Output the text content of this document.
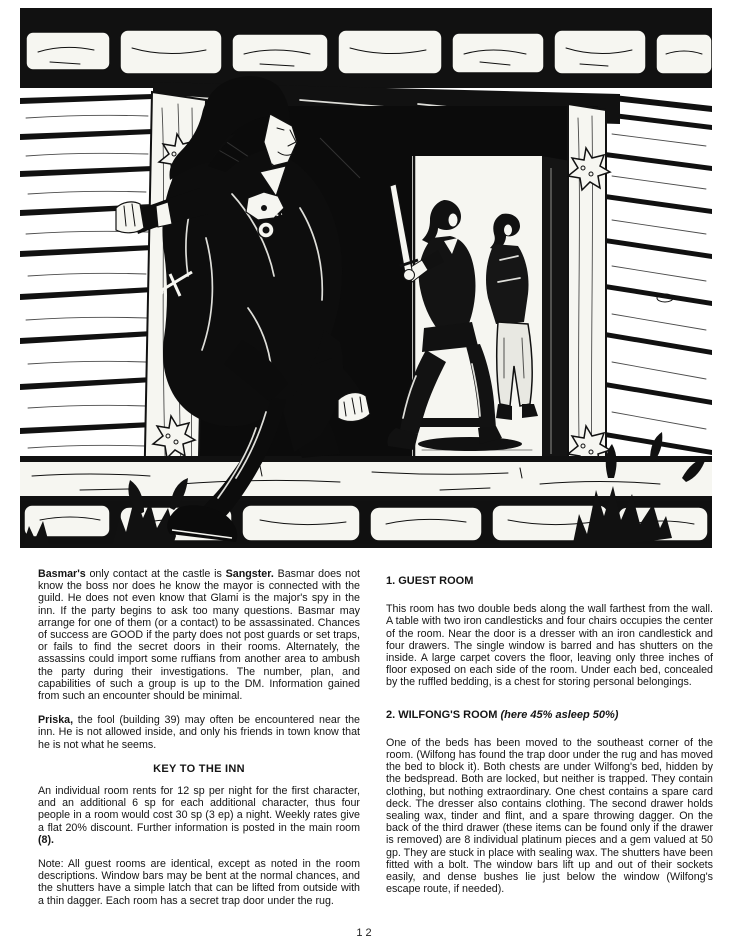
Basmar's only contact at the castle is Sangster. Basmar does not know the boss nor does he know the mayor is connected with the guild. He does not even know that Glami is the major's spy in the inn. If the party begins to ask too many questions. Basmar may arrange for one of them (or a contact) to be assassinated. Chances of success are GOOD if the party does not post guards or set traps, or fails to find the secret doors in their rooms. Alternately, the assassins could import some ruffians from another area to ambush the party during their investigations. The number, plan, and capabilities of such a group is up to the DM. Information gained from such an encounter should be minimal.

Priska, the fool (building 39) may often be encountered near the inn. He is not allowed inside, and only his friends in town know that he is not what he seems.

KEY TO THE INN

An individual room rents for 12 sp per night for the first character, and an additional 6 sp for each additional character, thus four people in a room would cost 30 sp (3 ep) a night. Weekly rates give a flat 20% discount. Further information is posted in the main room (8).

Note: All guest rooms are identical, except as noted in the room descriptions. Window bars may be bent at the normal chances, and the shutters have a simple latch that can be lifted from outside with a thin dagger. Each room has a secret trap door under the rug.

1. GUEST ROOM

This room has two double beds along the wall farthest from the wall. A table with two iron candlesticks and four chairs occupies the center of the room. Near the door is a dresser with an iron candlestick and four drawers. The single window is barred and has shutters on the inside. A large carpet covers the floor, leaving only three inches of floor exposed on each side of the room. Under each bed, concealed by the ruffled bedding, is a chest for storing personal belongings.

2. WILFONG'S ROOM (here 45% asleep 50%)

One of the beds has been moved to the southeast corner of the room. (Wilfong has found the trap door under the rug and has moved the bed to block it). Both chests are under Wilfong's bed, hidden by the bedspread. Both are locked, but neither is trapped. They contain clothing, but nothing extraordinary. One chest contains a spare card deck. The dresser also contains clothing. The second drawer holds sealing wax, tinder and flint, and a spare throwing dagger. On the back of the third drawer (these items can be found only if the drawer is removed) are 8 individual platinum pieces and a gem valued at 50 gp. They are stuck in place with sealing wax. The shutters have been fitted with a bolt. The window bars lift up and out of their sockets easily, and dense bushes lie just below the window (Wilfong's escape route, if needed).

12
